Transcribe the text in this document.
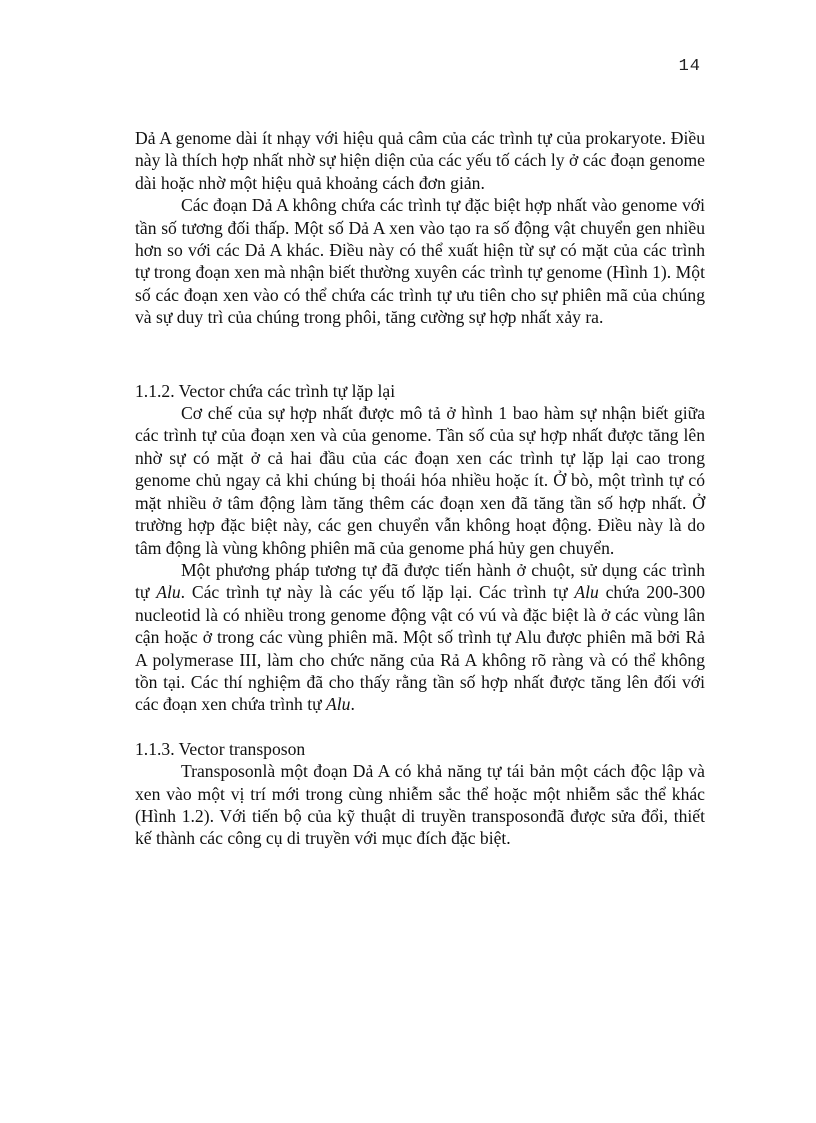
14

Dả A genome dài ít nhạy với hiệu quả câm của các trình tự của prokaryote. Điều này là thích hợp nhất nhờ sự hiện diện của các yếu tố cách ly ở các đoạn genome dài hoặc nhờ một hiệu quả khoảng cách đơn giản.

Các đoạn Dả A không chứa các trình tự đặc biệt hợp nhất vào genome với tần số tương đối thấp. Một số Dả A xen vào tạo ra số động vật chuyển gen nhiều hơn so với các Dả A khác. Điều này có thể xuất hiện từ sự có mặt của các trình tự trong đoạn xen mà nhận biết thường xuyên các trình tự genome (Hình 1). Một số các đoạn xen vào có thể chứa các trình tự ưu tiên cho sự phiên mã của chúng và sự duy trì của chúng trong phôi, tăng cường sự hợp nhất xảy ra.

1.1.2. Vector chứa các trình tự lặp lại

Cơ chế của sự hợp nhất được mô tả ở hình 1 bao hàm sự nhận biết giữa các trình tự của đoạn xen và của genome. Tần số của sự hợp nhất được tăng lên nhờ sự có mặt ở cả hai đầu của các đoạn xen các trình tự lặp lại cao trong genome chủ ngay cả khi chúng bị thoái hóa nhiều hoặc ít. Ở bò, một trình tự có mặt nhiều ở tâm động làm tăng thêm các đoạn xen đã tăng tần số hợp nhất. Ở trường hợp đặc biệt này, các gen chuyển vẫn không hoạt động. Điều này là do tâm động là vùng không phiên mã của genome phá hủy gen chuyển.

Một phương pháp tương tự đã được tiến hành ở chuột, sử dụng các trình tự Alu. Các trình tự này là các yếu tố lặp lại. Các trình tự Alu chứa 200-300 nucleotid là có nhiều trong genome động vật có vú và đặc biệt là ở các vùng lân cận hoặc ở trong các vùng phiên mã. Một số trình tự Alu được phiên mã bởi Rả A polymerase III, làm cho chức năng của Rả A không rõ ràng và có thể không tồn tại. Các thí nghiệm đã cho thấy rằng tần số hợp nhất được tăng lên đối với các đoạn xen chứa trình tự Alu.

1.1.3. Vector transposon

Transposonlà một đoạn Dả A có khả năng tự tái bản một cách độc lập và xen vào một vị trí mới trong cùng nhiễm sắc thể hoặc một nhiễm sắc thể khác (Hình 1.2). Với tiến bộ của kỹ thuật di truyền transposonđã được sửa đổi, thiết kế thành các công cụ di truyền với mục đích đặc biệt.
